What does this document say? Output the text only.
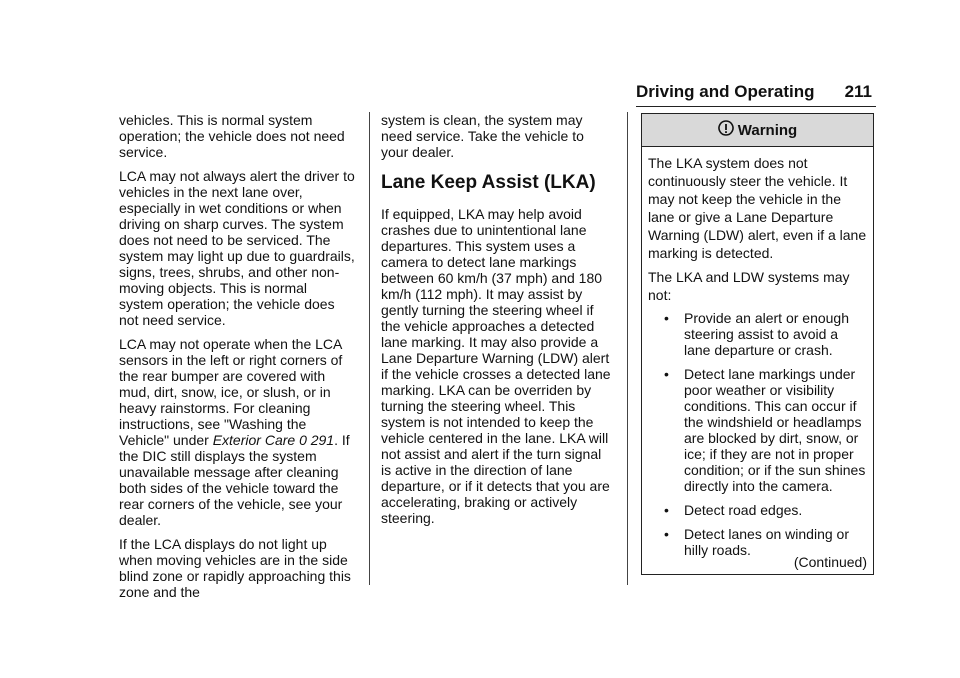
Driving and Operating 211

vehicles. This is normal system operation; the vehicle does not need service.

LCA may not always alert the driver to vehicles in the next lane over, especially in wet conditions or when driving on sharp curves. The system does not need to be serviced. The system may light up due to guardrails, signs, trees, shrubs, and other non-moving objects. This is normal system operation; the vehicle does not need service.

LCA may not operate when the LCA sensors in the left or right corners of the rear bumper are covered with mud, dirt, snow, ice, or slush, or in heavy rainstorms. For cleaning instructions, see "Washing the Vehicle" under Exterior Care 0 291. If the DIC still displays the system unavailable message after cleaning both sides of the vehicle toward the rear corners of the vehicle, see your dealer.

If the LCA displays do not light up when moving vehicles are in the side blind zone or rapidly approaching this zone and the

system is clean, the system may need service. Take the vehicle to your dealer.

Lane Keep Assist (LKA)

If equipped, LKA may help avoid crashes due to unintentional lane departures. This system uses a camera to detect lane markings between 60 km/h (37 mph) and 180 km/h (112 mph). It may assist by gently turning the steering wheel if the vehicle approaches a detected lane marking. It may also provide a Lane Departure Warning (LDW) alert if the vehicle crosses a detected lane marking. LKA can be overriden by turning the steering wheel. This system is not intended to keep the vehicle centered in the lane. LKA will not assist and alert if the turn signal is active in the direction of lane departure, or if it detects that you are accelerating, braking or actively steering.

Warning

The LKA system does not continuously steer the vehicle. It may not keep the vehicle in the lane or give a Lane Departure Warning (LDW) alert, even if a lane marking is detected.

The LKA and LDW systems may not:

• Provide an alert or enough steering assist to avoid a lane departure or crash.
• Detect lane markings under poor weather or visibility conditions. This can occur if the windshield or headlamps are blocked by dirt, snow, or ice; if they are not in proper condition; or if the sun shines directly into the camera.
• Detect road edges.
• Detect lanes on winding or hilly roads.
(Continued)
